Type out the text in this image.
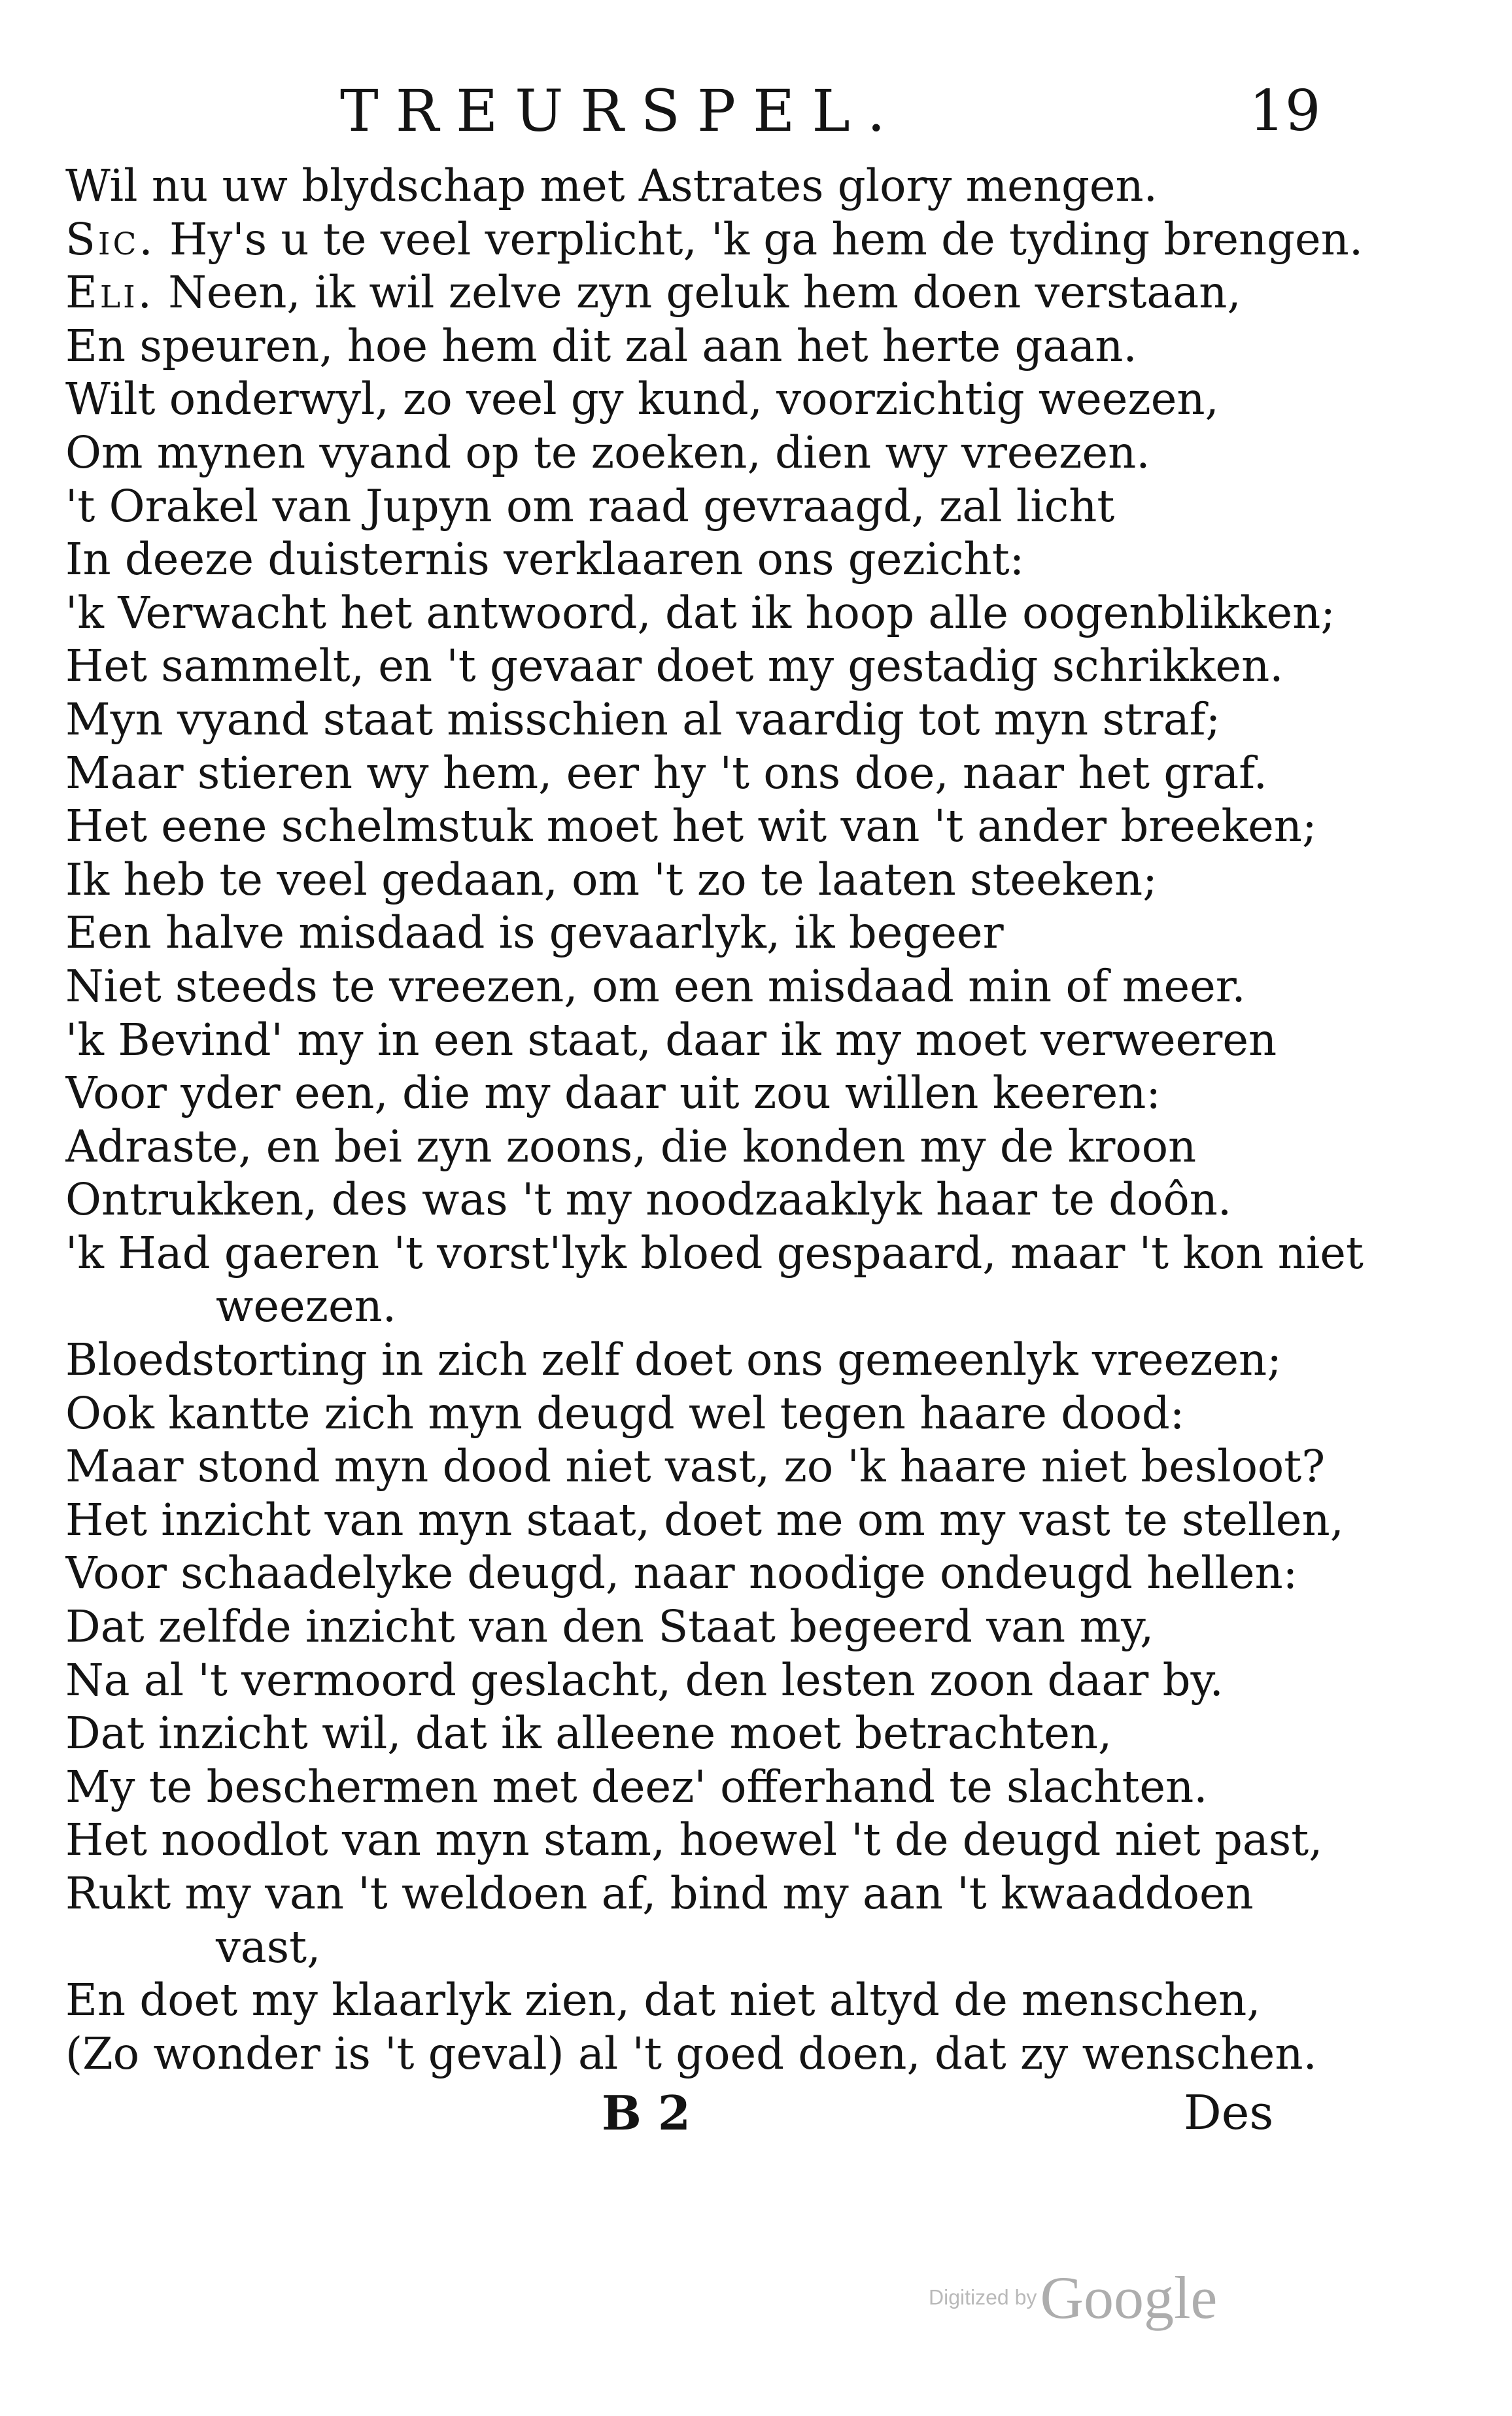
TREURSPEL.	19
Wil nu uw blydschap met Astrates glory mengen.
Sic. Hy's u te veel verplicht, 'k ga hem de tyding brengen.
Eli. Neen, ik wil zelve zyn geluk hem doen verstaan,
En speuren, hoe hem dit zal aan het herte gaan.
Wilt onderwyl, zo veel gy kund, voorzichtig weezen,
Om mynen vyand op te zoeken, dien wy vreezen.
't Orakel van Jupyn om raad gevraagd, zal licht
In deeze duisternis verklaaren ons gezicht:
'k Verwacht het antwoord, dat ik hoop alle oogenblikken;
Het sammelt, en 't gevaar doet my gestadig schrikken.
Myn vyand staat misschien al vaardig tot myn straf;
Maar stieren wy hem, eer hy 't ons doe, naar het graf.
Het eene schelmstuk moet het wit van 't ander breeken;
Ik heb te veel gedaan, om 't zo te laaten steeken;
Een halve misdaad is gevaarlyk, ik begeer
Niet steeds te vreezen, om een misdaad min of meer.
'k Bevind' my in een staat, daar ik my moet verweeren
Voor yder een, die my daar uit zou willen keeren:
Adraste, en bei zyn zoons, die konden my de kroon
Ontrukken, des was 't my noodzaaklyk haar te doôn.
'k Had gaeren 't vorst'lyk bloed gespaard, maar 't kon niet
weezen.
Bloedstorting in zich zelf doet ons gemeenlyk vreezen;
Ook kantte zich myn deugd wel tegen haare dood:
Maar stond myn dood niet vast, zo 'k haare niet besloot?
Het inzicht van myn staat, doet me om my vast te stellen,
Voor schaadelyke deugd, naar noodige ondeugd hellen:
Dat zelfde inzicht van den Staat begeerd van my,
Na al 't vermoord geslacht, den lesten zoon daar by.
Dat inzicht wil, dat ik alleene moet betrachten,
My te beschermen met deez' offerhand te slachten.
Het noodlot van myn stam, hoewel 't de deugd niet past,
Rukt my van 't weldoen af, bind my aan 't kwaaddoen
vast,
En doet my klaarlyk zien, dat niet altyd de menschen,
(Zo wonder is 't geval) al 't goed doen, dat zy wenschen.
B 2	Des
Digitized by Google
